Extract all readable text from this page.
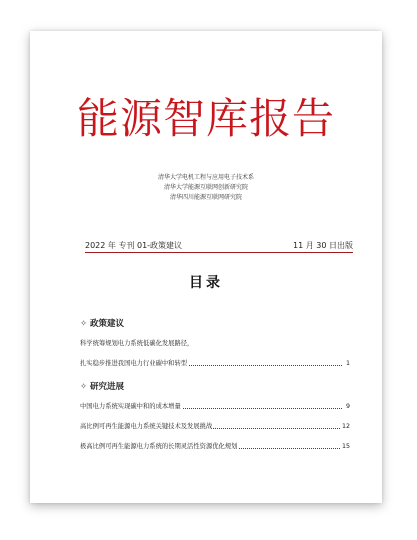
能源智库报告
清华大学电机工程与应用电子技术系
清华大学能源互联网创新研究院
清华四川能源互联网研究院
2022 年 专刊 01-政策建议	11 月 30 日出版
目录
✧ 政策建议
科学统筹规划电力系统低碳化发展路径，
扎实稳步推进我国电力行业碳中和转型	1
✧ 研究进展
中国电力系统实现碳中和的成本增量	9
高比例可再生能源电力系统关键技术及发展挑战	12
极高比例可再生能源电力系统的长期灵活性资源优化规划	15
